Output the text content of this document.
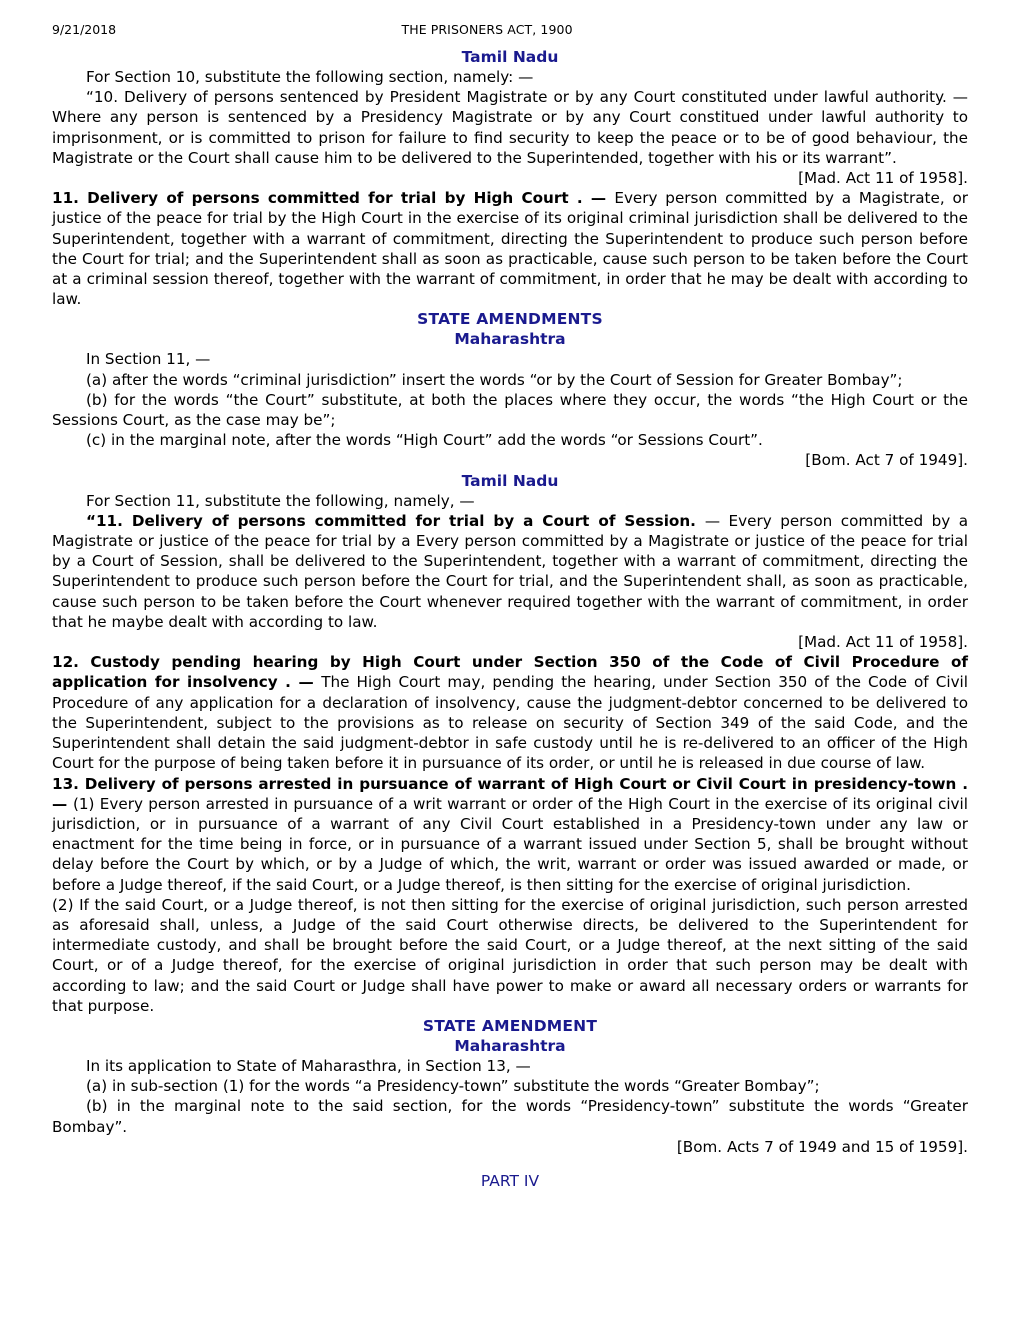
9/21/2018	THE PRISONERS ACT, 1900
Tamil Nadu

For Section 10, substitute the following section, namely: —

“10. Delivery of persons sentenced by President Magistrate or by any Court constituted under lawful authority. — Where any person is sentenced by a Presidency Magistrate or by any Court constitued under lawful authority to imprisonment, or is committed to prison for failure to find security to keep the peace or to be of good behaviour, the Magistrate or the Court shall cause him to be delivered to the Superintended, together with his or its warrant”.

[Mad. Act 11 of 1958].

11. Delivery of persons committed for trial by High Court . — Every person committed by a Magistrate, or justice of the peace for trial by the High Court in the exercise of its original criminal jurisdiction shall be delivered to the Superintendent, together with a warrant of commitment, directing the Superintendent to produce such person before the Court for trial; and the Superintendent shall as soon as practicable, cause such person to be taken before the Court at a criminal session thereof, together with the warrant of commitment, in order that he may be dealt with according to law.

STATE AMENDMENTS
Maharashtra

In Section 11, —

(a) after the words “criminal jurisdiction” insert the words “or by the Court of Session for Greater Bombay”;

(b) for the words “the Court” substitute, at both the places where they occur, the words “the High Court or the Sessions Court, as the case may be”;

(c) in the marginal note, after the words “High Court” add the words “or Sessions Court”.

[Bom. Act 7 of 1949].

Tamil Nadu

For Section 11, substitute the following, namely, —

“11. Delivery of persons committed for trial by a Court of Session. — Every person committed by a Magistrate or justice of the peace for trial by a Every person committed by a Magistrate or justice of the peace for trial by a Court of Session, shall be delivered to the Superintendent, together with a warrant of commitment, directing the Superintendent to produce such person before the Court for trial, and the Superintendent shall, as soon as practicable, cause such person to be taken before the Court whenever required together with the warrant of commitment, in order that he maybe dealt with according to law.

[Mad. Act 11 of 1958].

12. Custody pending hearing by High Court under Section 350 of the Code of Civil Procedure of application for insolvency . — The High Court may, pending the hearing, under Section 350 of the Code of Civil Procedure of any application for a declaration of insolvency, cause the judgment-debtor concerned to be delivered to the Superintendent, subject to the provisions as to release on security of Section 349 of the said Code, and the Superintendent shall detain the said judgment-debtor in safe custody until he is re-delivered to an officer of the High Court for the purpose of being taken before it in pursuance of its order, or until he is released in due course of law.

13. Delivery of persons arrested in pursuance of warrant of High Court or Civil Court in presidency-town . — (1) Every person arrested in pursuance of a writ warrant or order of the High Court in the exercise of its original civil jurisdiction, or in pursuance of a warrant of any Civil Court established in a Presidency-town under any law or enactment for the time being in force, or in pursuance of a warrant issued under Section 5, shall be brought without delay before the Court by which, or by a Judge of which, the writ, warrant or order was issued awarded or made, or before a Judge thereof, if the said Court, or a Judge thereof, is then sitting for the exercise of original jurisdiction.

(2) If the said Court, or a Judge thereof, is not then sitting for the exercise of original jurisdiction, such person arrested as aforesaid shall, unless, a Judge of the said Court otherwise directs, be delivered to the Superintendent for intermediate custody, and shall be brought before the said Court, or a Judge thereof, at the next sitting of the said Court, or of a Judge thereof, for the exercise of original jurisdiction in order that such person may be dealt with according to law; and the said Court or Judge shall have power to make or award all necessary orders or warrants for that purpose.

STATE AMENDMENT
Maharashtra

In its application to State of Maharasthra, in Section 13, —

(a) in sub-section (1) for the words “a Presidency-town” substitute the words “Greater Bombay”;

(b) in the marginal note to the said section, for the words “Presidency-town” substitute the words “Greater Bombay”.

[Bom. Acts 7 of 1949 and 15 of 1959].

PART IV
